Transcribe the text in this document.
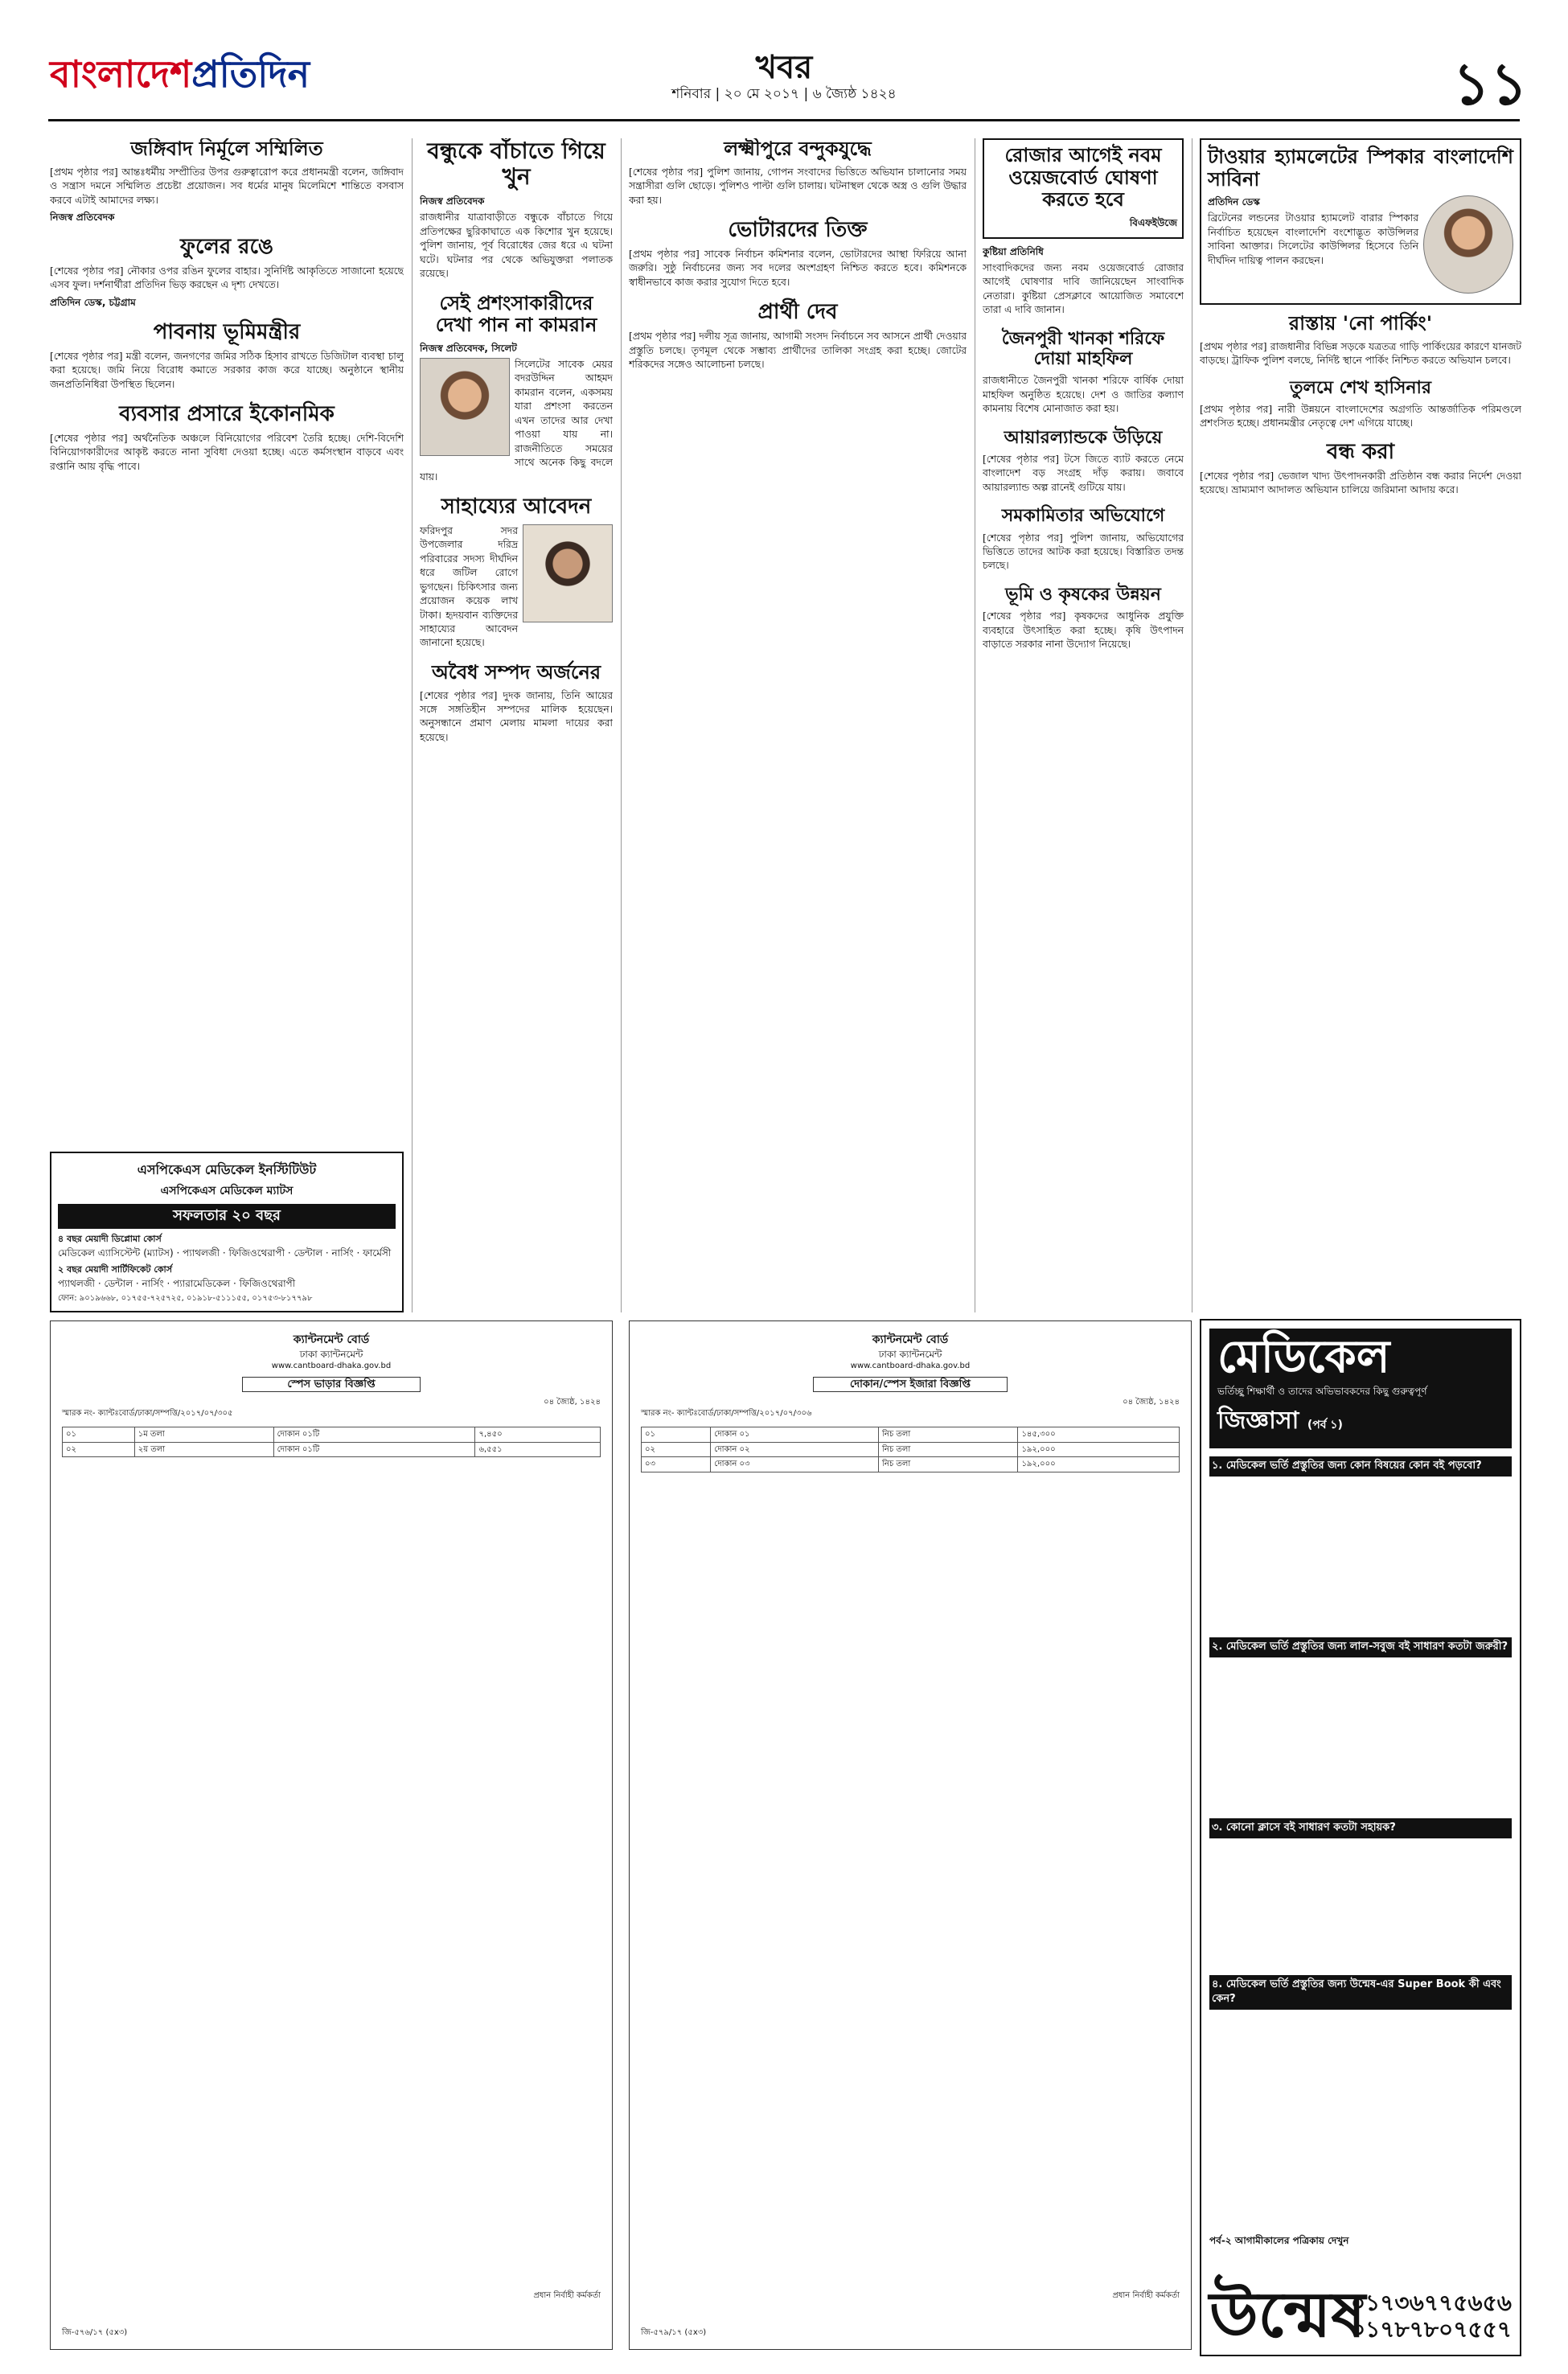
বাংলাদেশপ্রতিদিন	খবর
শনিবার | ২০ মে ২০১৭ | ৬ জ্যৈষ্ঠ ১৪২৪	১১
জঙ্গিবাদ নির্মূলে সম্মিলিত

[প্রথম পৃষ্ঠার পর] আন্তঃধর্মীয় সম্প্রীতির উপর গুরুত্বারোপ করে প্রধানমন্ত্রী বলেন, জঙ্গিবাদ ও সন্ত্রাস দমনে সম্মিলিত প্রচেষ্টা প্রয়োজন। সব ধর্মের মানুষ মিলেমিশে শান্তিতে বসবাস করবে এটাই আমাদের লক্ষ্য।

নিজস্ব প্রতিবেদক
ফুলের রঙে

[শেষের পৃষ্ঠার পর] নৌকার ওপর রঙিন ফুলের বাহার। সুনির্দিষ্ট আকৃতিতে সাজানো হয়েছে এসব ফুল। দর্শনার্থীরা প্রতিদিন ভিড় করছেন এ দৃশ্য দেখতে।

প্রতিদিন ডেস্ক, চট্টগ্রাম
পাবনায় ভূমিমন্ত্রীর

[শেষের পৃষ্ঠার পর] মন্ত্রী বলেন, জনগণের জমির সঠিক হিসাব রাখতে ডিজিটাল ব্যবস্থা চালু করা হয়েছে। জমি নিয়ে বিরোধ কমাতে সরকার কাজ করে যাচ্ছে। অনুষ্ঠানে স্থানীয় জনপ্রতিনিধিরা উপস্থিত ছিলেন।

ব্যবসার প্রসারে ইকোনমিক

[শেষের পৃষ্ঠার পর] অর্থনৈতিক অঞ্চলে বিনিয়োগের পরিবেশ তৈরি হচ্ছে। দেশি-বিদেশি বিনিয়োগকারীদের আকৃষ্ট করতে নানা সুবিধা দেওয়া হচ্ছে। এতে কর্মসংস্থান বাড়বে এবং রপ্তানি আয় বৃদ্ধি পাবে।

বন্ধুকে বাঁচাতে গিয়ে খুন
নিজস্ব প্রতিবেদক

রাজধানীর যাত্রাবাড়ীতে বন্ধুকে বাঁচাতে গিয়ে প্রতিপক্ষের ছুরিকাঘাতে এক কিশোর খুন হয়েছে। পুলিশ জানায়, পূর্ব বিরোধের জের ধরে এ ঘটনা ঘটে। ঘটনার পর থেকে অভিযুক্তরা পলাতক রয়েছে।

সেই প্রশংসাকারীদের দেখা পান না কামরান
নিজস্ব প্রতিবেদক, সিলেট

সিলেটের সাবেক মেয়র বদরউদ্দিন আহমদ কামরান বলেন, একসময় যারা প্রশংসা করতেন এখন তাদের আর দেখা পাওয়া যায় না। রাজনীতিতে সময়ের সাথে অনেক কিছু বদলে যায়।

সাহায্যের আবেদন

ফরিদপুর সদর উপজেলার দরিদ্র পরিবারের সদস্য দীর্ঘদিন ধরে জটিল রোগে ভুগছেন। চিকিৎসার জন্য প্রয়োজন কয়েক লাখ টাকা। হৃদয়বান ব্যক্তিদের সাহায্যের আবেদন জানানো হয়েছে।

অবৈধ সম্পদ অর্জনের

[শেষের পৃষ্ঠার পর] দুদক জানায়, তিনি আয়ের সঙ্গে সঙ্গতিহীন সম্পদের মালিক হয়েছেন। অনুসন্ধানে প্রমাণ মেলায় মামলা দায়ের করা হয়েছে।

লক্ষ্মীপুরে বন্দুকযুদ্ধে

[শেষের পৃষ্ঠার পর] পুলিশ জানায়, গোপন সংবাদের ভিত্তিতে অভিযান চালানোর সময় সন্ত্রাসীরা গুলি ছোড়ে। পুলিশও পাল্টা গুলি চালায়। ঘটনাস্থল থেকে অস্ত্র ও গুলি উদ্ধার করা হয়।

ভোটারদের তিক্ত

[প্রথম পৃষ্ঠার পর] সাবেক নির্বাচন কমিশনার বলেন, ভোটারদের আস্থা ফিরিয়ে আনা জরুরি। সুষ্ঠু নির্বাচনের জন্য সব দলের অংশগ্রহণ নিশ্চিত করতে হবে। কমিশনকে স্বাধীনভাবে কাজ করার সুযোগ দিতে হবে।

প্রার্থী দেব

[প্রথম পৃষ্ঠার পর] দলীয় সূত্র জানায়, আগামী সংসদ নির্বাচনে সব আসনে প্রার্থী দেওয়ার প্রস্তুতি চলছে। তৃণমূল থেকে সম্ভাব্য প্রার্থীদের তালিকা সংগ্রহ করা হচ্ছে। জোটের শরিকদের সঙ্গেও আলোচনা চলছে।

রোজার আগেই নবম ওয়েজবোর্ড ঘোষণা করতে হবে
বিএফইউজে
কুষ্টিয়া প্রতিনিধি

সাংবাদিকদের জন্য নবম ওয়েজবোর্ড রোজার আগেই ঘোষণার দাবি জানিয়েছেন সাংবাদিক নেতারা। কুষ্টিয়া প্রেসক্লাবে আয়োজিত সমাবেশে তারা এ দাবি জানান।

জৈনপুরী খানকা শরিফে দোয়া মাহফিল

রাজধানীতে জৈনপুরী খানকা শরিফে বার্ষিক দোয়া মাহফিল অনুষ্ঠিত হয়েছে। দেশ ও জাতির কল্যাণ কামনায় বিশেষ মোনাজাত করা হয়।

আয়ারল্যান্ডকে উড়িয়ে

[শেষের পৃষ্ঠার পর] টসে জিতে ব্যাট করতে নেমে বাংলাদেশ বড় সংগ্রহ দাঁড় করায়। জবাবে আয়ারল্যান্ড অল্প রানেই গুটিয়ে যায়।

সমকামিতার অভিযোগে

[শেষের পৃষ্ঠার পর] পুলিশ জানায়, অভিযোগের ভিত্তিতে তাদের আটক করা হয়েছে। বিস্তারিত তদন্ত চলছে।

ভূমি ও কৃষকের উন্নয়ন

[শেষের পৃষ্ঠার পর] কৃষকদের আধুনিক প্রযুক্তি ব্যবহারে উৎসাহিত করা হচ্ছে। কৃষি উৎপাদন বাড়াতে সরকার নানা উদ্যোগ নিয়েছে।

টাওয়ার হ্যামলেটের স্পিকার বাংলাদেশি সাবিনা
প্রতিদিন ডেস্ক

ব্রিটেনের লন্ডনের টাওয়ার হ্যামলেট বারার স্পিকার নির্বাচিত হয়েছেন বাংলাদেশি বংশোদ্ভূত কাউন্সিলর সাবিনা আক্তার। সিলেটের কাউন্সিলর হিসেবে তিনি দীর্ঘদিন দায়িত্ব পালন করছেন।

রাস্তায় 'নো পার্কিং'

[প্রথম পৃষ্ঠার পর] রাজধানীর বিভিন্ন সড়কে যত্রতত্র গাড়ি পার্কিংয়ের কারণে যানজট বাড়ছে। ট্রাফিক পুলিশ বলছে, নির্দিষ্ট স্থানে পার্কিং নিশ্চিত করতে অভিযান চলবে।

তুলমে শেখ হাসিনার

[প্রথম পৃষ্ঠার পর] নারী উন্নয়নে বাংলাদেশের অগ্রগতি আন্তর্জাতিক পরিমণ্ডলে প্রশংসিত হচ্ছে। প্রধানমন্ত্রীর নেতৃত্বে দেশ এগিয়ে যাচ্ছে।

বন্ধ করা

[শেষের পৃষ্ঠার পর] ভেজাল খাদ্য উৎপাদনকারী প্রতিষ্ঠান বন্ধ করার নির্দেশ দেওয়া হয়েছে। ভ্রাম্যমাণ আদালত অভিযান চালিয়ে জরিমানা আদায় করে।

এসপিকেএস মেডিকেল ইনস্টিটিউট
এসপিকেএস মেডিকেল ম্যাটস
সফলতার ২০ বছর
৪ বছর মেয়াদী ডিপ্লোমা কোর্স
মেডিকেল এ্যাসিস্টেন্ট (ম্যাটস) · প্যাথলজী · ফিজিওথেরাপী · ডেন্টাল · নার্সিং · ফার্মেসী
২ বছর মেয়াদী সার্টিফিকেট কোর্স
প্যাথলজী · ডেন্টাল · নার্সিং · প্যারামেডিকেল · ফিজিওথেরাপী
ফোন: ৯০১৯৬৬৮, ০১৭৫৫-৭২৫৭২৫, ০১৯১৮-৫১১১৫৫, ০১৭৫৩-৮১৭৭৯৮
মেডিকেল
ভর্তিচ্ছু শিক্ষার্থী ও তাদের অভিভাবকদের কিছু গুরুত্বপূর্ণ
জিজ্ঞাসা (পর্ব ১)

১. মেডিকেল ভর্তি প্রস্তুতির জন্য কোন বিষয়ের কোন বই পড়বো?

২. মেডিকেল ভর্তি প্রস্তুতির জন্য লাল-সবুজ বই সাধারণ কতটা জরুরী?

৩. কোনো ক্লাসে বই সাধারণ কতটা সহায়ক?

৪. মেডিকেল ভর্তি প্রস্তুতির জন্য উন্মেষ-এর Super Book কী এবং কেন?

পর্ব-২ আগামীকালের পত্রিকায় দেখুন
উন্মেষ
০১৭৩৬৭৭৫৬৫৬
০১৭৮৭৮০৭৫৫৭
ক্যান্টনমেন্ট বোর্ড
ঢাকা ক্যান্টনমেন্ট
www.cantboard-dhaka.gov.bd
স্পেস ভাড়ার বিজ্ঞপ্তি
০৪ জ্যৈষ্ঠ, ১৪২৪
স্মারক নং- ক্যান্টঃবোর্ড/ঢাকা/সম্পত্তি/২০১৭/০৭/৩০৫
০১	১ম তলা	দোকান ০১টি	৭,৪৫০
০২	২য় তলা	দোকান ০১টি	৬,৫৫১
প্রধান নির্বাহী কর্মকর্তা
জি-৫৭৬/১৭ (৫x৩)
ক্যান্টনমেন্ট বোর্ড
ঢাকা ক্যান্টনমেন্ট
www.cantboard-dhaka.gov.bd
দোকান/স্পেস ইজারা বিজ্ঞপ্তি
০৪ জ্যৈষ্ঠ, ১৪২৪
স্মারক নং- ক্যান্টঃবোর্ড/ঢাকা/সম্পত্তি/২০১৭/০৭/৩০৬
০১	দোকান ০১	নিচ তলা	১৪৫,৩০০
০২	দোকান ০২	নিচ তলা	১৯২,০০০
০৩	দোকান ০৩	নিচ তলা	১৯২,০০০
প্রধান নির্বাহী কর্মকর্তা
জি-৫৭৯/১৭ (৫x৩)
